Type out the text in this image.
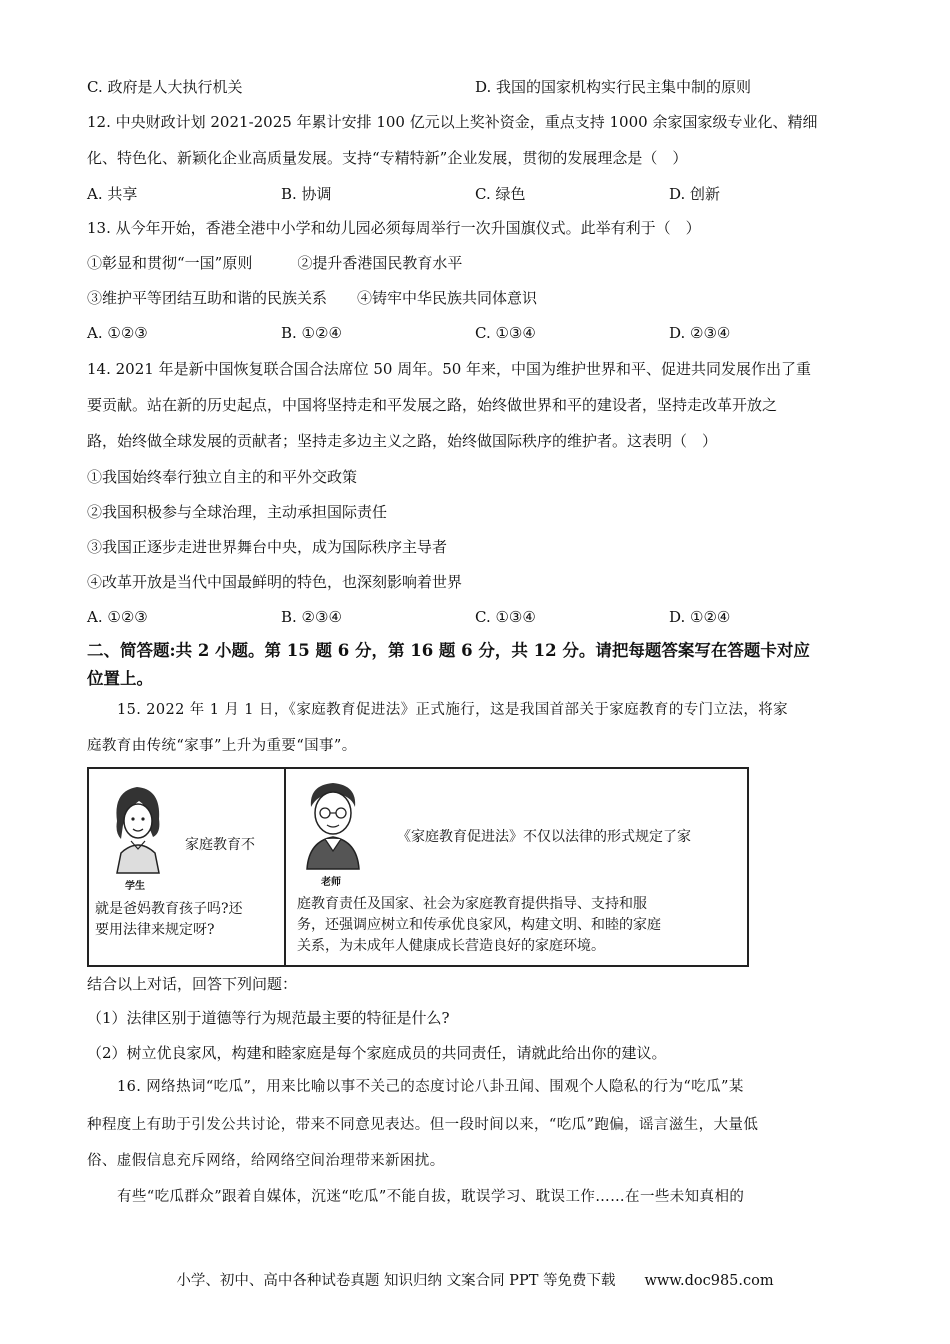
C. 政府是人大执行机关	D. 我国的国家机构实行民主集中制的原则
12. 中央财政计划 2021-2025 年累计安排 100 亿元以上奖补资金，重点支持 1000 余家国家级专业化、精细
化、特色化、新颖化企业高质量发展。支持“专精特新”企业发展，贯彻的发展理念是（　）
A. 共享	B. 协调	C. 绿色	D. 创新
13. 从今年开始，香港全港中小学和幼儿园必须每周举行一次升国旗仪式。此举有利于（　）
①彰显和贯彻“一国”原则　　　②提升香港国民教育水平
③维护平等团结互助和谐的民族关系　　④铸牢中华民族共同体意识
A. ①②③	B. ①②④	C. ①③④	D. ②③④
14. 2021 年是新中国恢复联合国合法席位 50 周年。50 年来，中国为维护世界和平、促进共同发展作出了重
要贡献。站在新的历史起点，中国将坚持走和平发展之路，始终做世界和平的建设者，坚持走改革开放之
路，始终做全球发展的贡献者；坚持走多边主义之路，始终做国际秩序的维护者。这表明（　）
①我国始终奉行独立自主的和平外交政策
②我国积极参与全球治理，主动承担国际责任
③我国正逐步走进世界舞台中央，成为国际秩序主导者
④改革开放是当代中国最鲜明的特色，也深刻影响着世界
A. ①②③	B. ②③④	C. ①③④	D. ①②④
二、简答题:共 2 小题。第 15 题 6 分，第 16 题 6 分，共 12 分。请把每题答案写在答题卡对应
位置上。
15. 2022 年 1 月 1 日，《家庭教育促进法》正式施行，这是我国首部关于家庭教育的专门立法，将家
庭教育由传统“家事”上升为重要“国事”。
学生
家庭教育不
就是爸妈教育孩子吗?还
要用法律来规定呀?
老师
《家庭教育促进法》不仅以法律的形式规定了家
庭教育责任及国家、社会为家庭教育提供指导、支持和服
务，还强调应树立和传承优良家风，构建文明、和睦的家庭
关系，为未成年人健康成长营造良好的家庭环境。
结合以上对话，回答下列问题：
（1）法律区别于道德等行为规范最主要的特征是什么?
（2）树立优良家风，构建和睦家庭是每个家庭成员的共同责任，请就此给出你的建议。
16. 网络热词“吃瓜”，用来比喻以事不关己的态度讨论八卦丑闻、围观个人隐私的行为“吃瓜”某
种程度上有助于引发公共讨论，带来不同意见表达。但一段时间以来，“吃瓜”跑偏，谣言滋生，大量低
俗、虚假信息充斥网络，给网络空间治理带来新困扰。
有些“吃瓜群众”跟着自媒体，沉迷“吃瓜”不能自拔，耽误学习、耽误工作……在一些未知真相的
小学、初中、高中各种试卷真题 知识归纳 文案合同 PPT 等免费下载　　www.doc985.com
